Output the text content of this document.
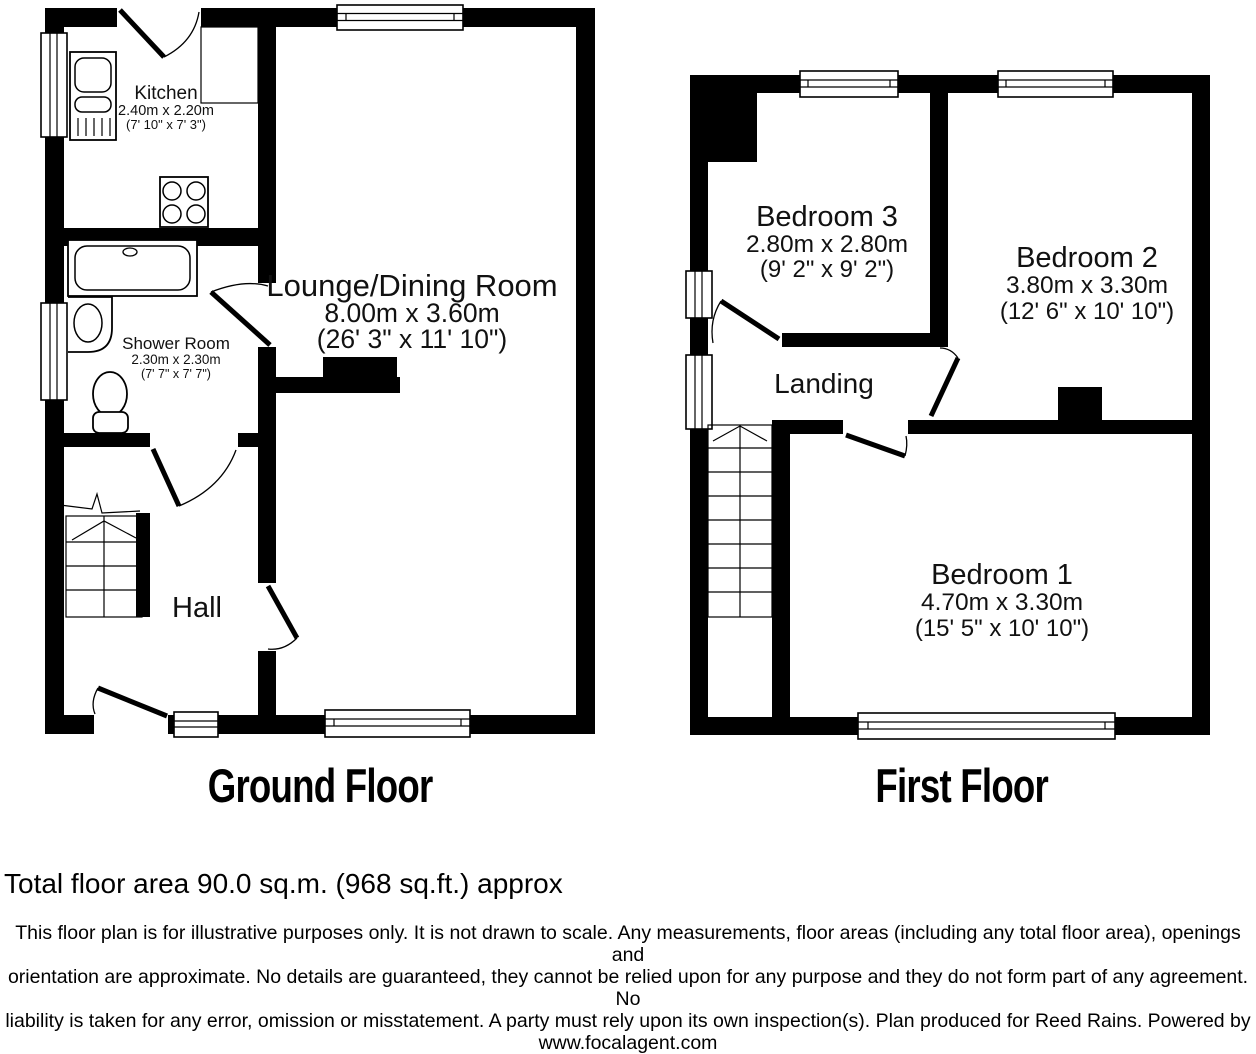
Kitchen
2.40m x 2.20m
(7' 10" x 7' 3")
Lounge/Dining Room
8.00m x 3.60m
(26' 3" x 11' 10")
Shower Room
2.30m x 2.30m
(7' 7" x 7' 7")
Hall
Bedroom 3
2.80m x 2.80m
(9' 2" x 9' 2")	Bedroom 2
3.80m x 3.30m
(12' 6" x 10' 10")
Bedroom 1
4.70m x 3.30m
(15' 5" x 10' 10")
Landing
Ground Floor	First Floor
Total floor area 90.0 sq.m. (968 sq.ft.) approx
This floor plan is for illustrative purposes only. It is not drawn to scale. Any measurements, floor areas (including any total floor area), openings and
orientation are approximate. No details are guaranteed, they cannot be relied upon for any purpose and they do not form part of any agreement. No
liability is taken for any error, omission or misstatement. A party must rely upon its own inspection(s). Plan produced for Reed Rains. Powered by
www.focalagent.com
